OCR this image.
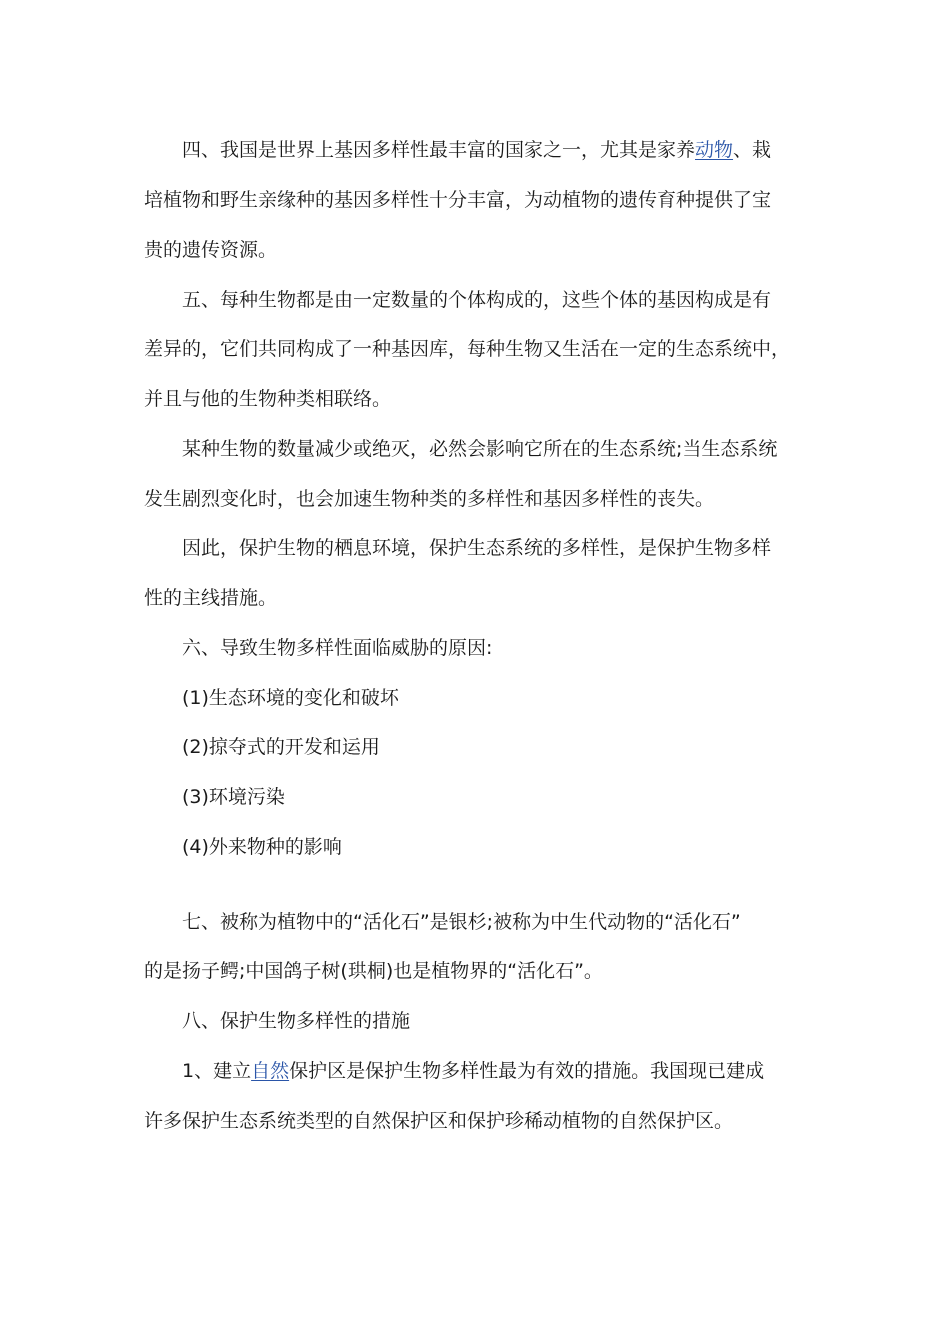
四、我国是世界上基因多样性最丰富的国家之一，尤其是家养动物、栽
培植物和野生亲缘种的基因多样性十分丰富，为动植物的遗传育种提供了宝
贵的遗传资源。
五、每种生物都是由一定数量的个体构成的，这些个体的基因构成是有
差异的，它们共同构成了一种基因库，每种生物又生活在一定的生态系统中，
并且与他的生物种类相联络。
某种生物的数量减少或绝灭，必然会影响它所在的生态系统;当生态系统
发生剧烈变化时，也会加速生物种类的多样性和基因多样性的丧失。
因此，保护生物的栖息环境，保护生态系统的多样性，是保护生物多样
性的主线措施。
六、导致生物多样性面临威胁的原因:
(1)生态环境的变化和破坏
(2)掠夺式的开发和运用
(3)环境污染
(4)外来物种的影响
七、被称为植物中的“活化石”是银杉;被称为中生代动物的“活化石”
的是扬子鳄;中国鸽子树(珙桐)也是植物界的“活化石”。
八、保护生物多样性的措施
1、建立自然保护区是保护生物多样性最为有效的措施。我国现已建成
许多保护生态系统类型的自然保护区和保护珍稀动植物的自然保护区。
